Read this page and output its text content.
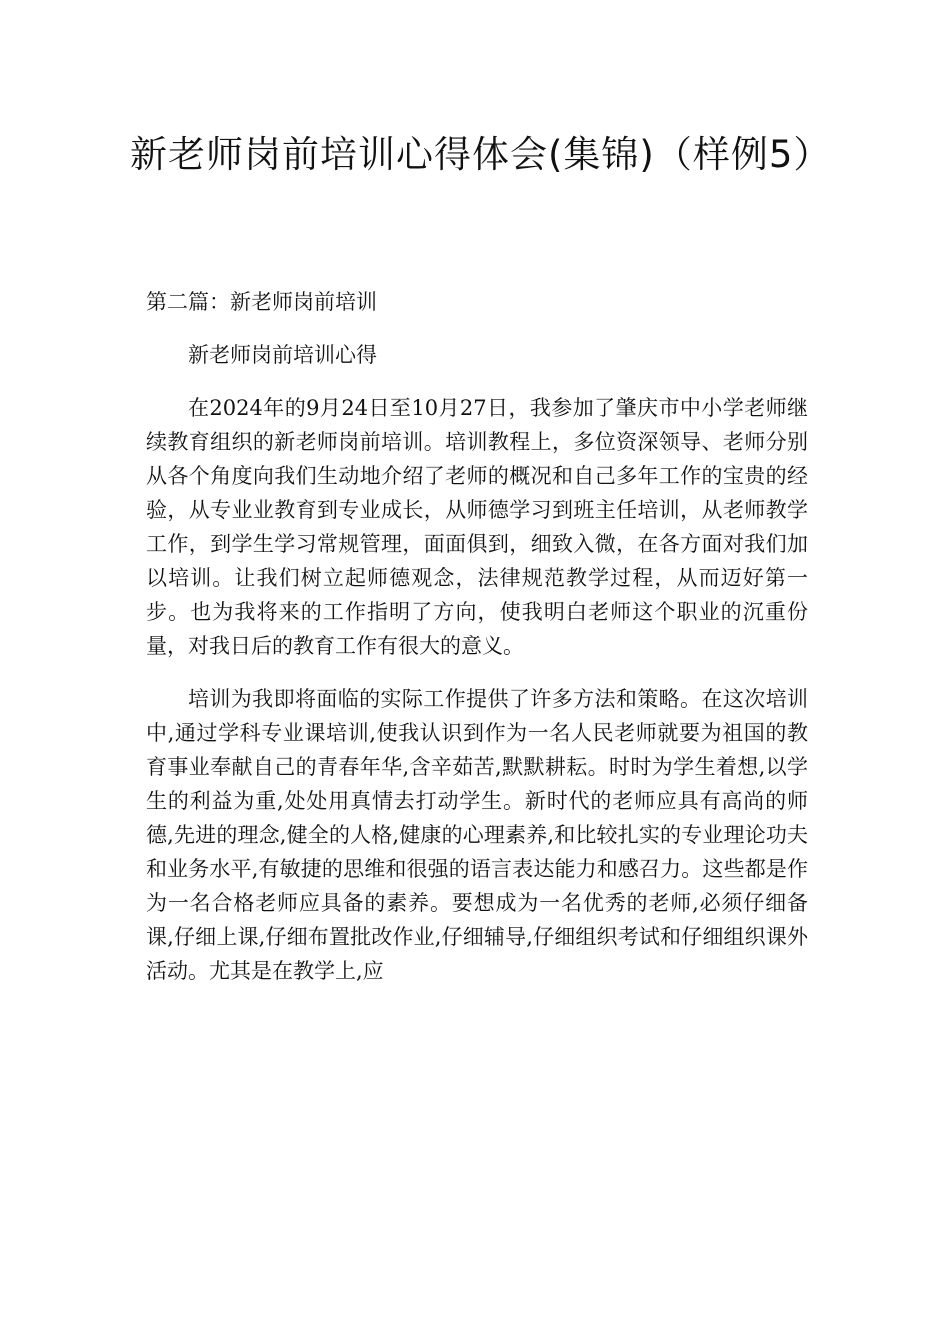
新老师岗前培训心得体会(集锦)（样例5）
第二篇：新老师岗前培训

新老师岗前培训心得

在2024年的9月24日至10月27日，我参加了肇庆市中小学老师继续教育组织的新老师岗前培训。培训教程上，多位资深领导、老师分别从各个角度向我们生动地介绍了老师的概况和自己多年工作的宝贵的经验，从专业业教育到专业成长，从师德学习到班主任培训，从老师教学工作，到学生学习常规管理，面面俱到，细致入微，在各方面对我们加以培训。让我们树立起师德观念，法律规范教学过程，从而迈好第一步。也为我将来的工作指明了方向，使我明白老师这个职业的沉重份量，对我日后的教育工作有很大的意义。

培训为我即将面临的实际工作提供了许多方法和策略。在这次培训中,通过学科专业课培训,使我认识到作为一名人民老师就要为祖国的教育事业奉献自己的青春年华,含辛茹苦,默默耕耘。时时为学生着想,以学生的利益为重,处处用真情去打动学生。新时代的老师应具有高尚的师德,先进的理念,健全的人格,健康的心理素养,和比较扎实的专业理论功夫和业务水平,有敏捷的思维和很强的语言表达能力和感召力。这些都是作为一名合格老师应具备的素养。要想成为一名优秀的老师,必须仔细备课,仔细上课,仔细布置批改作业,仔细辅导,仔细组织考试和仔细组织课外活动。尤其是在教学上,应
